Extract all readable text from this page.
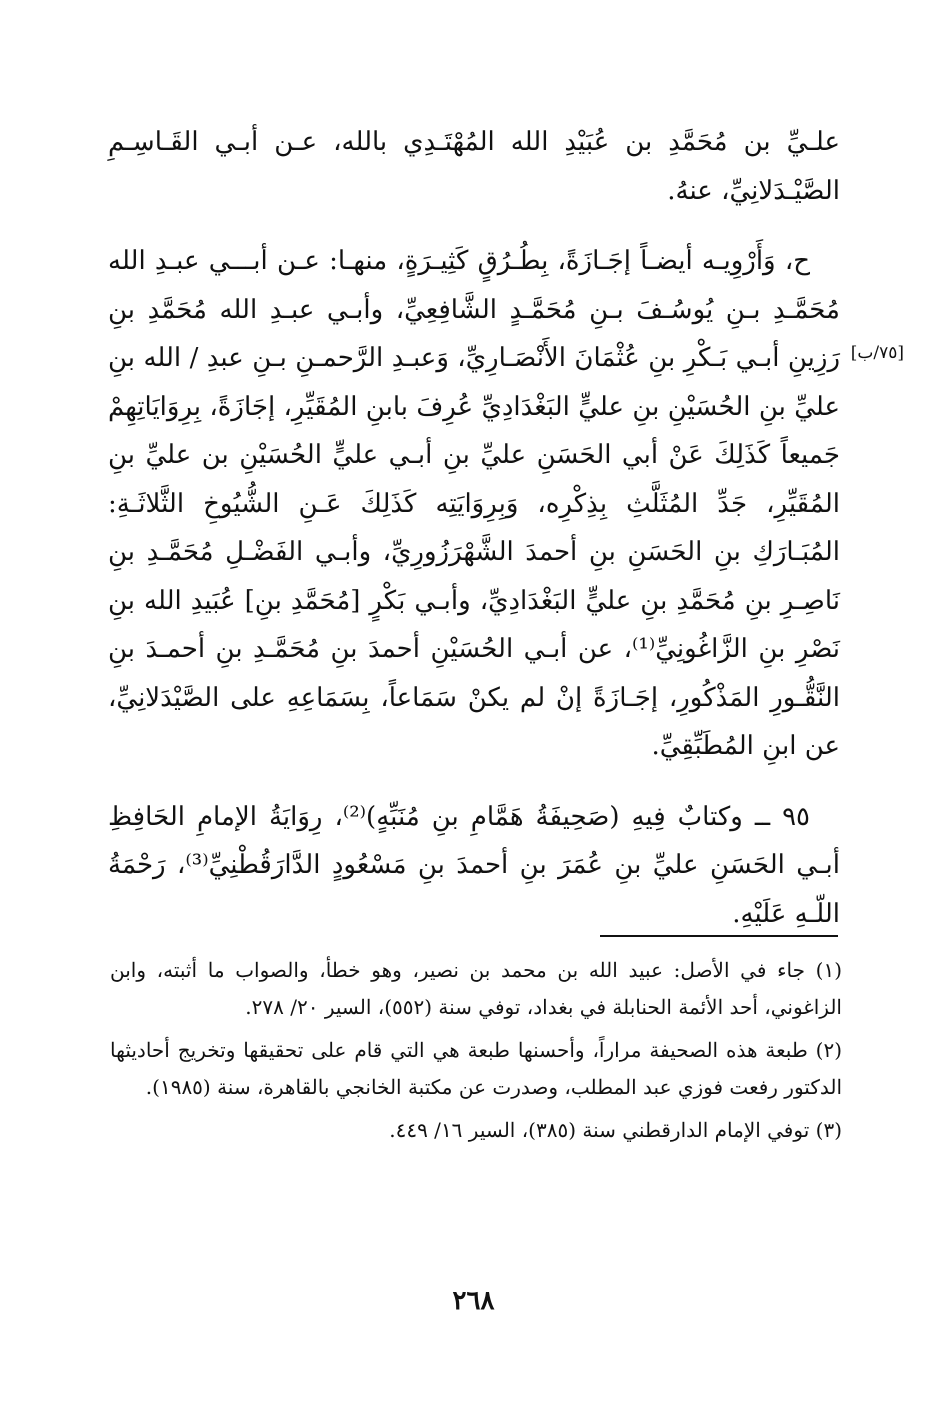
علـيِّ بن مُحَمَّدِ بن عُبَيْدِ الله المُهْتَـدِي بالله، عـن أبـي القَـاسِـمِ الصَّيْـدَلانِيِّ، عنهُ.

ح، وَأَرْوِيـه أيضـاً إجَـازَةً، بِطُـرُقٍ كَثِيـرَةٍ، منهـا: عـن أبـــي عبـدِ الله مُحَمَّـدِ بـنِ يُوسُـفَ بـنِ مُحَمَّـدٍ الشَّافِعِيِّ، وأبـي عبـدِ الله مُحَمَّدِ بنِ رَزِينِ أبـي بَـكْرِ بنِ عُثْمَانَ الأَنْصَـارِيِّ، وَعبـدِ الرَّحمـنِ بـنِ عبدِ / الله بنِ عليِّ بنِ الحُسَيْنِ بنِ عليٍّ البَغْدَادِيِّ عُرِفَ بابنِ المُقَيِّرِ، إجَازَةً، بِرِوَايَاتِهِمْ جَميعاً كَذَلِكَ عَنْ أبي الحَسَنِ عليِّ بنِ أبـي عليٍّ الحُسَيْنِ بن عليِّ بنِ المُقَيِّرِ، جَدِّ المُثَلَّثِ بِذِكْرِه، وَبِرِوَايَتِه كَذَلِكَ عَـنِ الشُّيُوخِ الثَّلاثَـةِ: المُبَـارَكِ بنِ الحَسَنِ بنِ أحمدَ الشَّهْرَزُورِيِّ، وأبـي الفَضْـلِ مُحَمَّـدِ بنِ نَاصِـرِ بنِ مُحَمَّدِ بنِ عليٍّ البَغْدَادِيِّ، وأبـي بَكْرٍ [مُحَمَّدِ بنِ] عُبَيدِ الله بنِ نَصْرِ بنِ الزَّاغُونِيِّ⁽¹⁾، عن أبـي الحُسَيْنِ أحمدَ بنِ مُحَمَّـدِ بنِ أحمـدَ بنِ النَّقُّـورِ المَذْكُورِ، إجَـازَةً إنْ لم يكنْ سَمَاعاً، بِسَمَاعِهِ على الصَّيْدَلانِيِّ، عن ابنِ المُطَبِّقِيِّ.

٩٥ ــ وكتابٌ فِيهِ (صَحِيفَةُ هَمَّامِ بنِ مُنَبِّهٍ)⁽²⁾، رِوَايَةُ الإمامِ الحَافِظِ أبـي الحَسَنِ عليِّ بنِ عُمَرَ بنِ أحمدَ بنِ مَسْعُودٍ الدَّارَقُطْنِيِّ⁽³⁾، رَحْمَةُ اللّـهِ عَلَيْهِ.

[٧٥/ب]

(١) جاء في الأصل: عبيد الله بن محمد بن نصير، وهو خطأ، والصواب ما أثبته، وابن الزاغوني، أحد الأئمة الحنابلة في بغداد، توفي سنة (٥٥٢)، السير ٢٠/ ٢٧٨.

(٢) طبعة هذه الصحيفة مراراً، وأحسنها طبعة هي التي قام على تحقيقها وتخريج أحاديثها الدكتور رفعت فوزي عبد المطلب، وصدرت عن مكتبة الخانجي بالقاهرة، سنة (١٩٨٥).

(٣) توفي الإمام الدارقطني سنة (٣٨٥)، السير ١٦/ ٤٤٩.

٢٦٨
